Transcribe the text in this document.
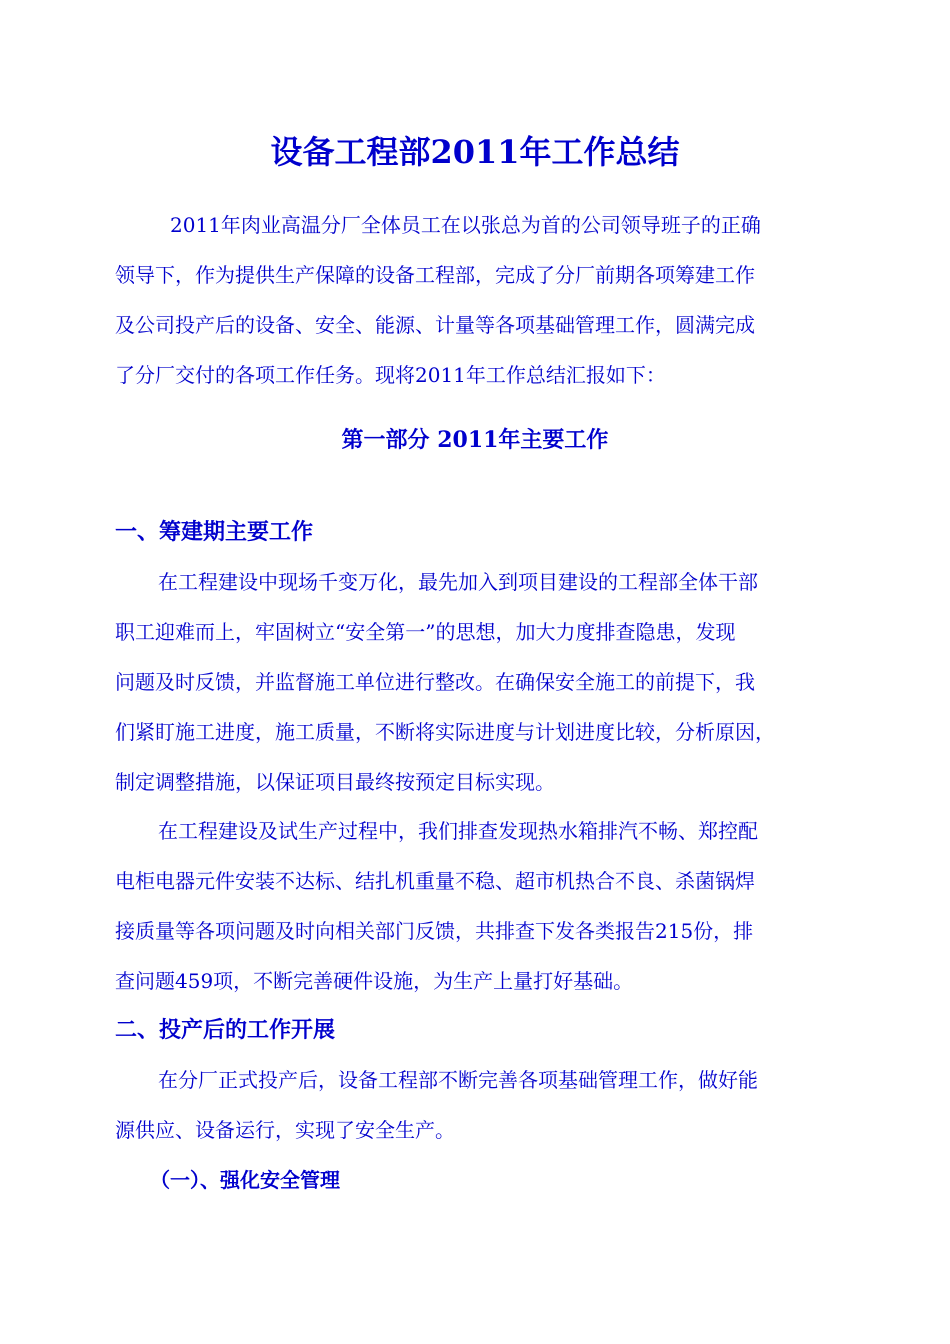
设备工程部2011年工作总结
2011年肉业高温分厂全体员工在以张总为首的公司领导班子的正确
领导下，作为提供生产保障的设备工程部，完成了分厂前期各项筹建工作
及公司投产后的设备、安全、能源、计量等各项基础管理工作，圆满完成
了分厂交付的各项工作任务。现将2011年工作总结汇报如下：
第一部分 2011年主要工作
一、筹建期主要工作
在工程建设中现场千变万化，最先加入到项目建设的工程部全体干部
职工迎难而上，牢固树立“安全第一”的思想，加大力度排查隐患，发现
问题及时反馈，并监督施工单位进行整改。在确保安全施工的前提下，我
们紧盯施工进度，施工质量，不断将实际进度与计划进度比较，分析原因，
制定调整措施，以保证项目最终按预定目标实现。
在工程建设及试生产过程中，我们排查发现热水箱排汽不畅、郑控配
电柜电器元件安装不达标、结扎机重量不稳、超市机热合不良、杀菌锅焊
接质量等各项问题及时向相关部门反馈，共排查下发各类报告215份，排
查问题459项，不断完善硬件设施，为生产上量打好基础。
二、投产后的工作开展
在分厂正式投产后，设备工程部不断完善各项基础管理工作，做好能
源供应、设备运行，实现了安全生产。
（一）、强化安全管理
